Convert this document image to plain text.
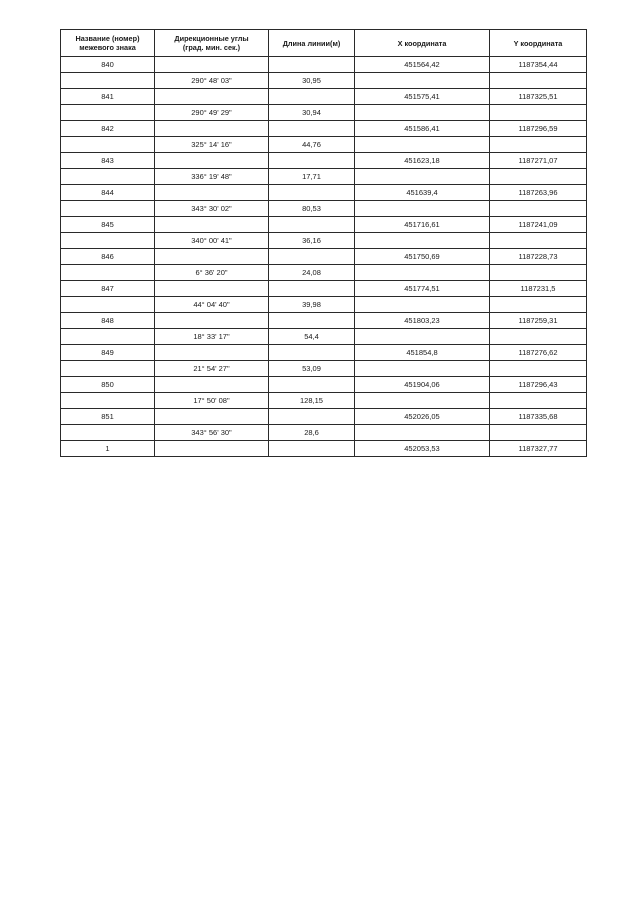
Название (номер) межевого знака	Дирекционные углы (град. мин. сек.)	Длина линии(м)	X координата	Y координата
840			451564,42	1187354,44
	290° 48' 03"	30,95		
841			451575,41	1187325,51
	290° 49' 29"	30,94		
842			451586,41	1187296,59
	325° 14' 16"	44,76		
843			451623,18	1187271,07
	336° 19' 48"	17,71		
844			451639,4	1187263,96
	343° 30' 02"	80,53		
845			451716,61	1187241,09
	340° 00' 41"	36,16		
846			451750,69	1187228,73
	6° 36' 20"	24,08		
847			451774,51	1187231,5
	44° 04' 40"	39,98		
848			451803,23	1187259,31
	18° 33' 17"	54,4		
849			451854,8	1187276,62
	21° 54' 27"	53,09		
850			451904,06	1187296,43
	17° 50' 08"	128,15		
851			452026,05	1187335,68
	343° 56' 30"	28,6		
1			452053,53	1187327,77
